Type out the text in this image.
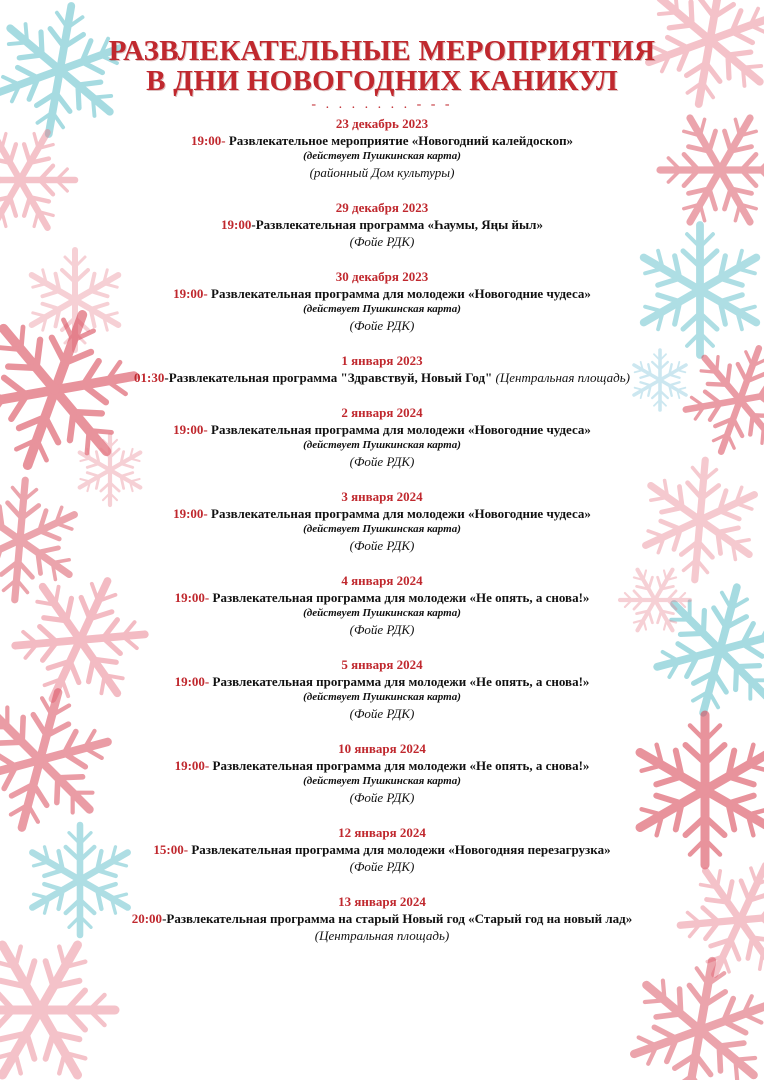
РАЗВЛЕКАТЕЛЬНЫЕ МЕРОПРИЯТИЯ
В ДНИ НОВОГОДНИХ КАНИКУЛ
‑ . . . . . . . ‑ ‑ ‑
23 декабрь 2023
19:00- Развлекательное мероприятие «Новогодний калейдоскоп»
(действует Пушкинская карта)
(районный Дом культуры)
29 декабря 2023
19:00-Развлекательная программа «Һаумы, Яңы йыл»
(Фойе РДК)
30 декабря 2023
19:00- Развлекательная программа для молодежи «Новогодние чудеса»
(действует Пушкинская карта)
(Фойе РДК)
1 января 2023
01:30-Развлекательная программа "Здравствуй, Новый Год" (Центральная площадь)
2 января 2024
19:00- Развлекательная программа для молодежи «Новогодние чудеса»
(действует Пушкинская карта)
(Фойе РДК)
3 января 2024
19:00- Развлекательная программа для молодежи «Новогодние чудеса»
(действует Пушкинская карта)
(Фойе РДК)
4 января 2024
19:00- Развлекательная программа для молодежи «Не опять, а снова!»
(действует Пушкинская карта)
(Фойе РДК)
5 января 2024
19:00- Развлекательная программа для молодежи «Не опять, а снова!»
(действует Пушкинская карта)
(Фойе РДК)
10 января 2024
19:00- Развлекательная программа для молодежи «Не опять, а снова!»
(действует Пушкинская карта)
(Фойе РДК)
12 января 2024
15:00- Развлекательная программа для молодежи «Новогодняя перезагрузка»
(Фойе РДК)
13 января 2024
20:00-Развлекательная программа на старый Новый год «Старый год на новый лад»
(Центральная площадь)
